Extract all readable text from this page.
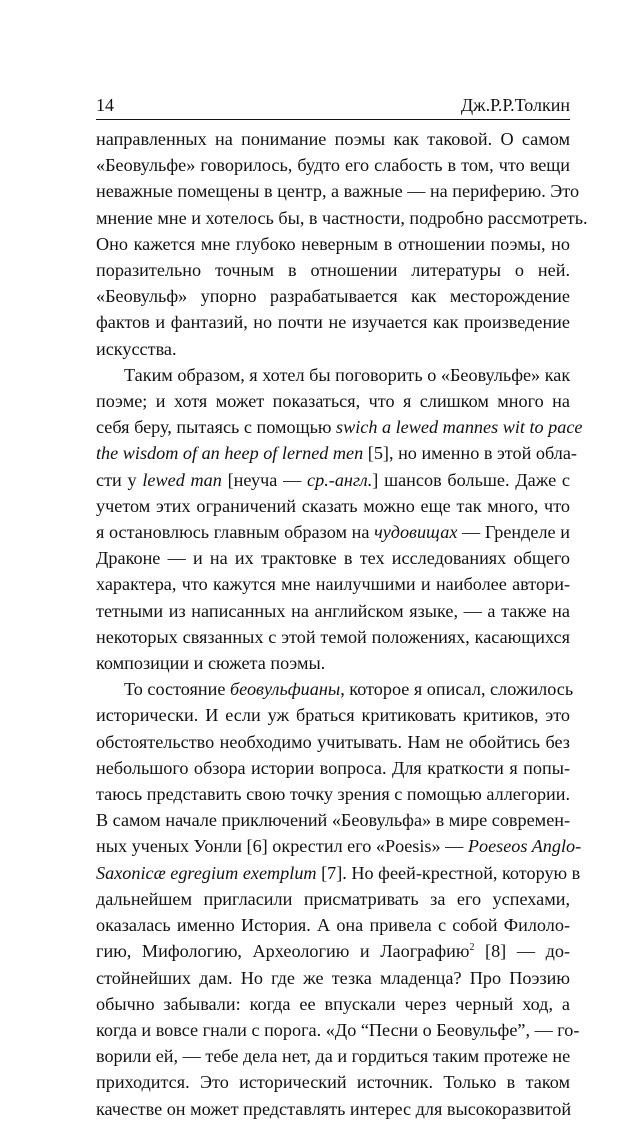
14	Дж.Р.Р.Толкин
направленных на понимание поэмы как таковой. О самом
«Беовульфе» говорилось, будто его слабость в том, что вещи
неважные помещены в центр, а важные — на периферию. Это
мнение мне и хотелось бы, в частности, подробно рассмотреть.
Оно кажется мне глубоко неверным в отношении поэмы, но
поразительно точным в отношении литературы о ней.
«Беовульф» упорно разрабатывается как месторождение
фактов и фантазий, но почти не изучается как произведение
искусства.
Таким образом, я хотел бы поговорить о «Беовульфе» как
поэме; и хотя может показаться, что я слишком много на
себя беру, пытаясь с помощью swich a lewed mannes wit to pace
the wisdom of an heep of lerned men [5], но именно в этой обла-
сти у lewed man [неуча — ср.-англ.] шансов больше. Даже с
учетом этих ограничений сказать можно еще так много, что
я остановлюсь главным образом на чудовищах — Гренделе и
Драконе — и на их трактовке в тех исследованиях общего
характера, что кажутся мне наилучшими и наиболее автори-
тетными из написанных на английском языке, — а также на
некоторых связанных с этой темой положениях, касающихся
композиции и сюжета поэмы.
То состояние беовульфианы, которое я описал, сложилось
исторически. И если уж браться критиковать критиков, это
обстоятельство необходимо учитывать. Нам не обойтись без
небольшого обзора истории вопроса. Для краткости я попы-
таюсь представить свою точку зрения с помощью аллегории.
В самом начале приключений «Беовульфа» в мире современ-
ных ученых Уонли [6] окрестил его «Poesis» — Poeseos Anglo-
Saxonicæ egregium exemplum [7]. Но феей-крестной, которую в
дальнейшем пригласили присматривать за его успехами,
оказалась именно История. А она привела с собой Филоло-
гию, Мифологию, Археологию и Лаографию$^2$ [8] — до-
стойнейших дам. Но где же тезка младенца? Про Поэзию
обычно забывали: когда ее впускали через черный ход, а
когда и вовсе гнали с порога. «До “Песни о Беовульфе”, — го-
ворили ей, — тебе дела нет, да и гордиться таким протеже не
приходится. Это исторический источник. Только в таком
качестве он может представлять интерес для высокоразвитой
